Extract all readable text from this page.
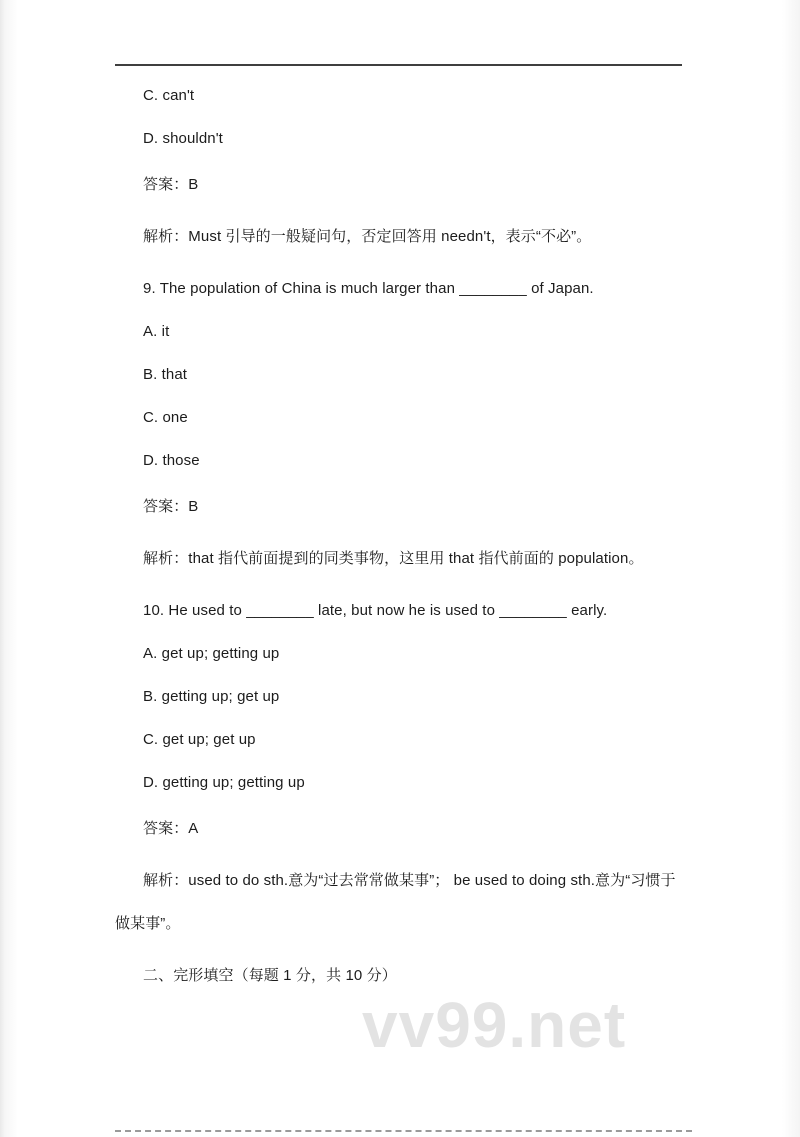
C. can't

D. shouldn't

答案：B

解析：Must 引导的一般疑问句，否定回答用 needn't，表示“不必”。

9. The population of China is much larger than ________ of Japan.

A. it

B. that

C. one

D. those

答案：B

解析：that 指代前面提到的同类事物，这里用 that 指代前面的 population。

10. He used to ________ late, but now he is used to ________ early.

A. get up; getting up

B. getting up; get up

C. get up; get up

D. getting up; getting up

答案：A

解析：used to do sth.意为“过去常常做某事”； be used to doing sth.意为“习惯于做某事”。

二、完形填空（每题 1 分，共 10 分）

vv99.net
